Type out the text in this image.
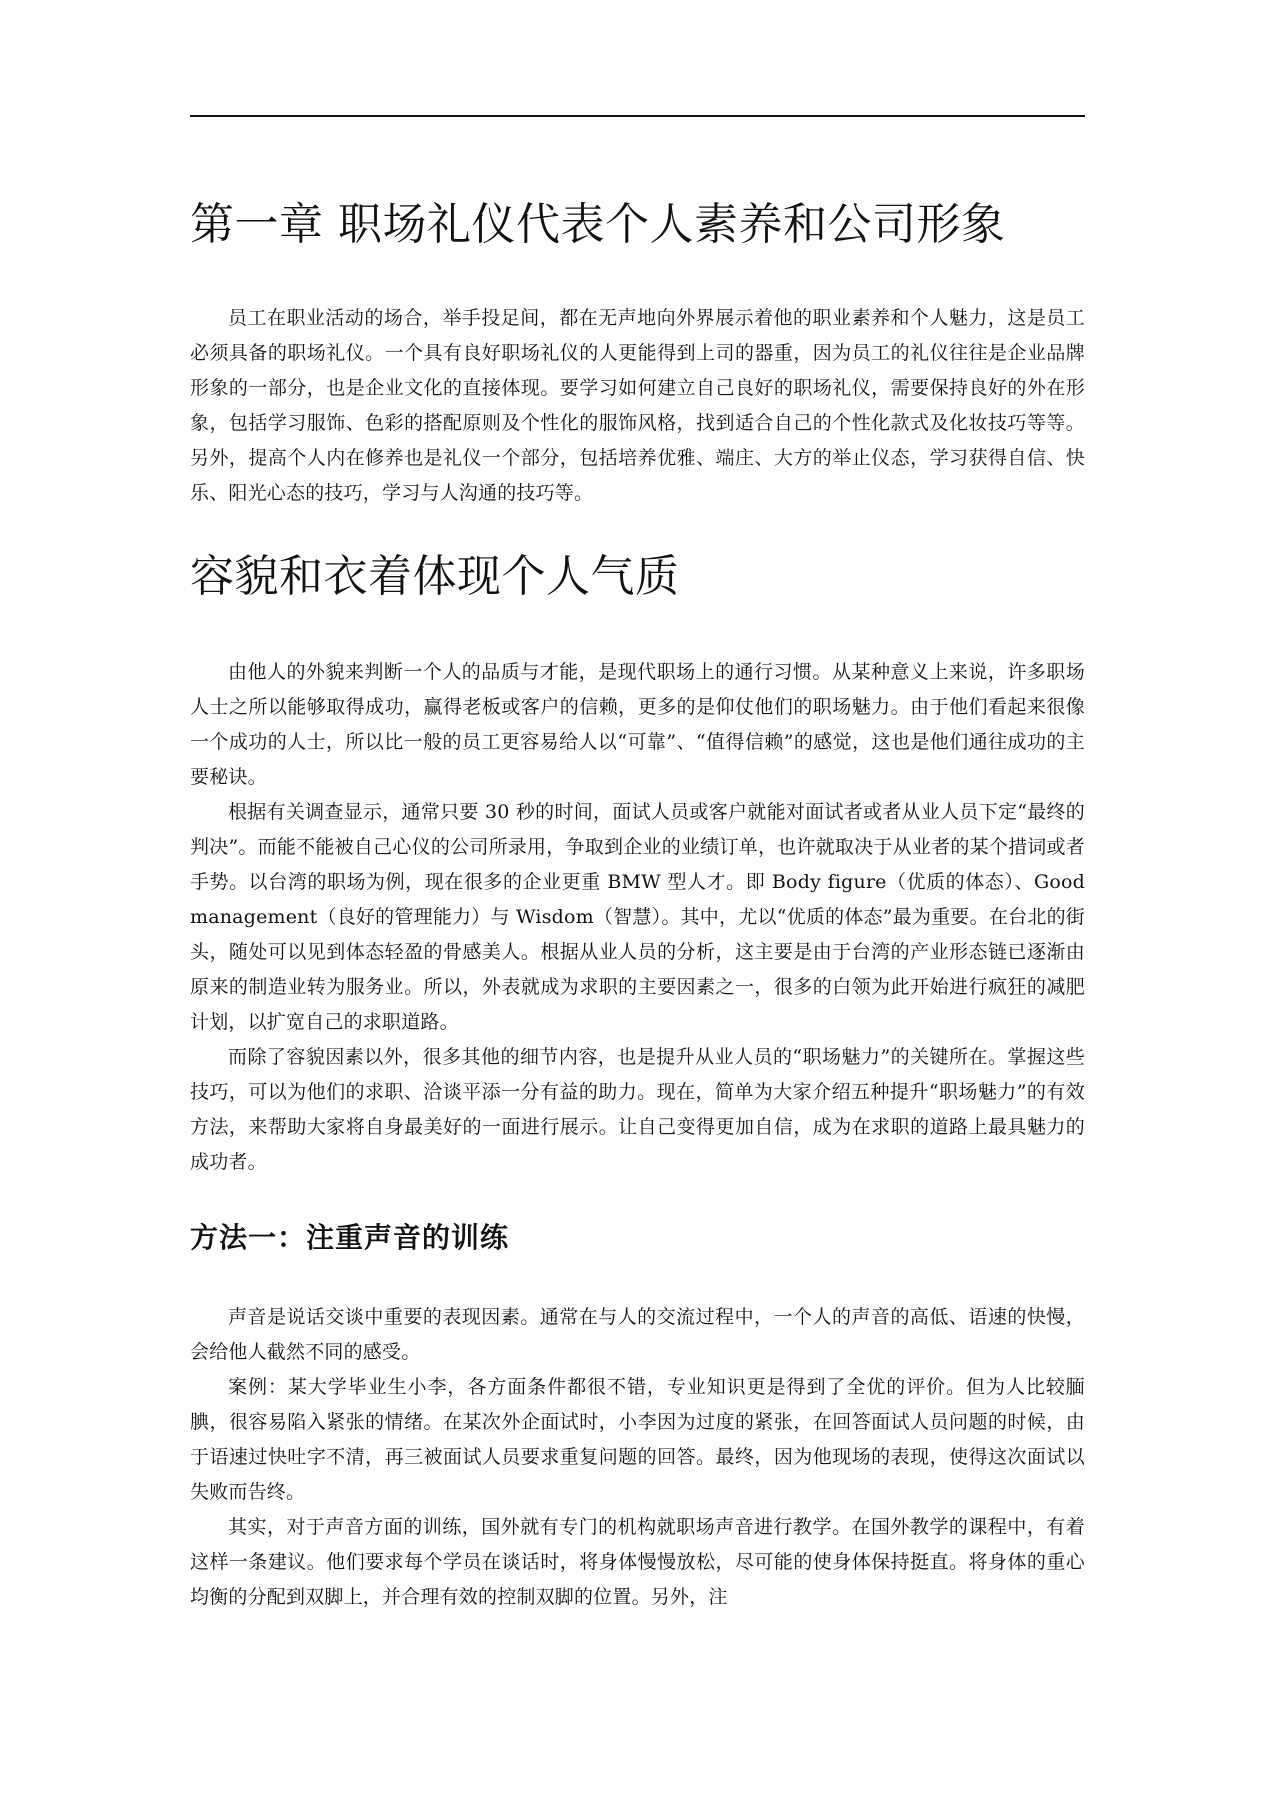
第一章 职场礼仪代表个人素养和公司形象

员工在职业活动的场合，举手投足间，都在无声地向外界展示着他的职业素养和个人魅力，这是员工必须具备的职场礼仪。一个具有良好职场礼仪的人更能得到上司的器重，因为员工的礼仪往往是企业品牌形象的一部分，也是企业文化的直接体现。要学习如何建立自己良好的职场礼仪，需要保持良好的外在形象，包括学习服饰、色彩的搭配原则及个性化的服饰风格，找到适合自己的个性化款式及化妆技巧等等。另外，提高个人内在修养也是礼仪一个部分，包括培养优雅、端庄、大方的举止仪态，学习获得自信、快乐、阳光心态的技巧，学习与人沟通的技巧等。

容貌和衣着体现个人气质

由他人的外貌来判断一个人的品质与才能，是现代职场上的通行习惯。从某种意义上来说，许多职场人士之所以能够取得成功，赢得老板或客户的信赖，更多的是仰仗他们的职场魅力。由于他们看起来很像一个成功的人士，所以比一般的员工更容易给人以“可靠”、“值得信赖”的感觉，这也是他们通往成功的主要秘诀。

根据有关调查显示，通常只要 30 秒的时间，面试人员或客户就能对面试者或者从业人员下定“最终的判决”。而能不能被自己心仪的公司所录用，争取到企业的业绩订单，也许就取决于从业者的某个措词或者手势。以台湾的职场为例，现在很多的企业更重 BMW 型人才。即 Body figure（优质的体态）、Good management（良好的管理能力）与 Wisdom（智慧）。其中，尤以“优质的体态”最为重要。在台北的街头，随处可以见到体态轻盈的骨感美人。根据从业人员的分析，这主要是由于台湾的产业形态链已逐渐由原来的制造业转为服务业。所以，外表就成为求职的主要因素之一，很多的白领为此开始进行疯狂的减肥计划，以扩宽自己的求职道路。

而除了容貌因素以外，很多其他的细节内容，也是提升从业人员的“职场魅力”的关键所在。掌握这些技巧，可以为他们的求职、洽谈平添一分有益的助力。现在，简单为大家介绍五种提升“职场魅力”的有效方法，来帮助大家将自身最美好的一面进行展示。让自己变得更加自信，成为在求职的道路上最具魅力的成功者。

方法一：注重声音的训练

声音是说话交谈中重要的表现因素。通常在与人的交流过程中，一个人的声音的高低、语速的快慢，会给他人截然不同的感受。

案例：某大学毕业生小李，各方面条件都很不错，专业知识更是得到了全优的评价。但为人比较腼腆，很容易陷入紧张的情绪。在某次外企面试时，小李因为过度的紧张，在回答面试人员问题的时候，由于语速过快吐字不清，再三被面试人员要求重复问题的回答。最终，因为他现场的表现，使得这次面试以失败而告终。

其实，对于声音方面的训练，国外就有专门的机构就职场声音进行教学。在国外教学的课程中，有着这样一条建议。他们要求每个学员在谈话时，将身体慢慢放松，尽可能的使身体保持挺直。将身体的重心均衡的分配到双脚上，并合理有效的控制双脚的位置。另外，注
